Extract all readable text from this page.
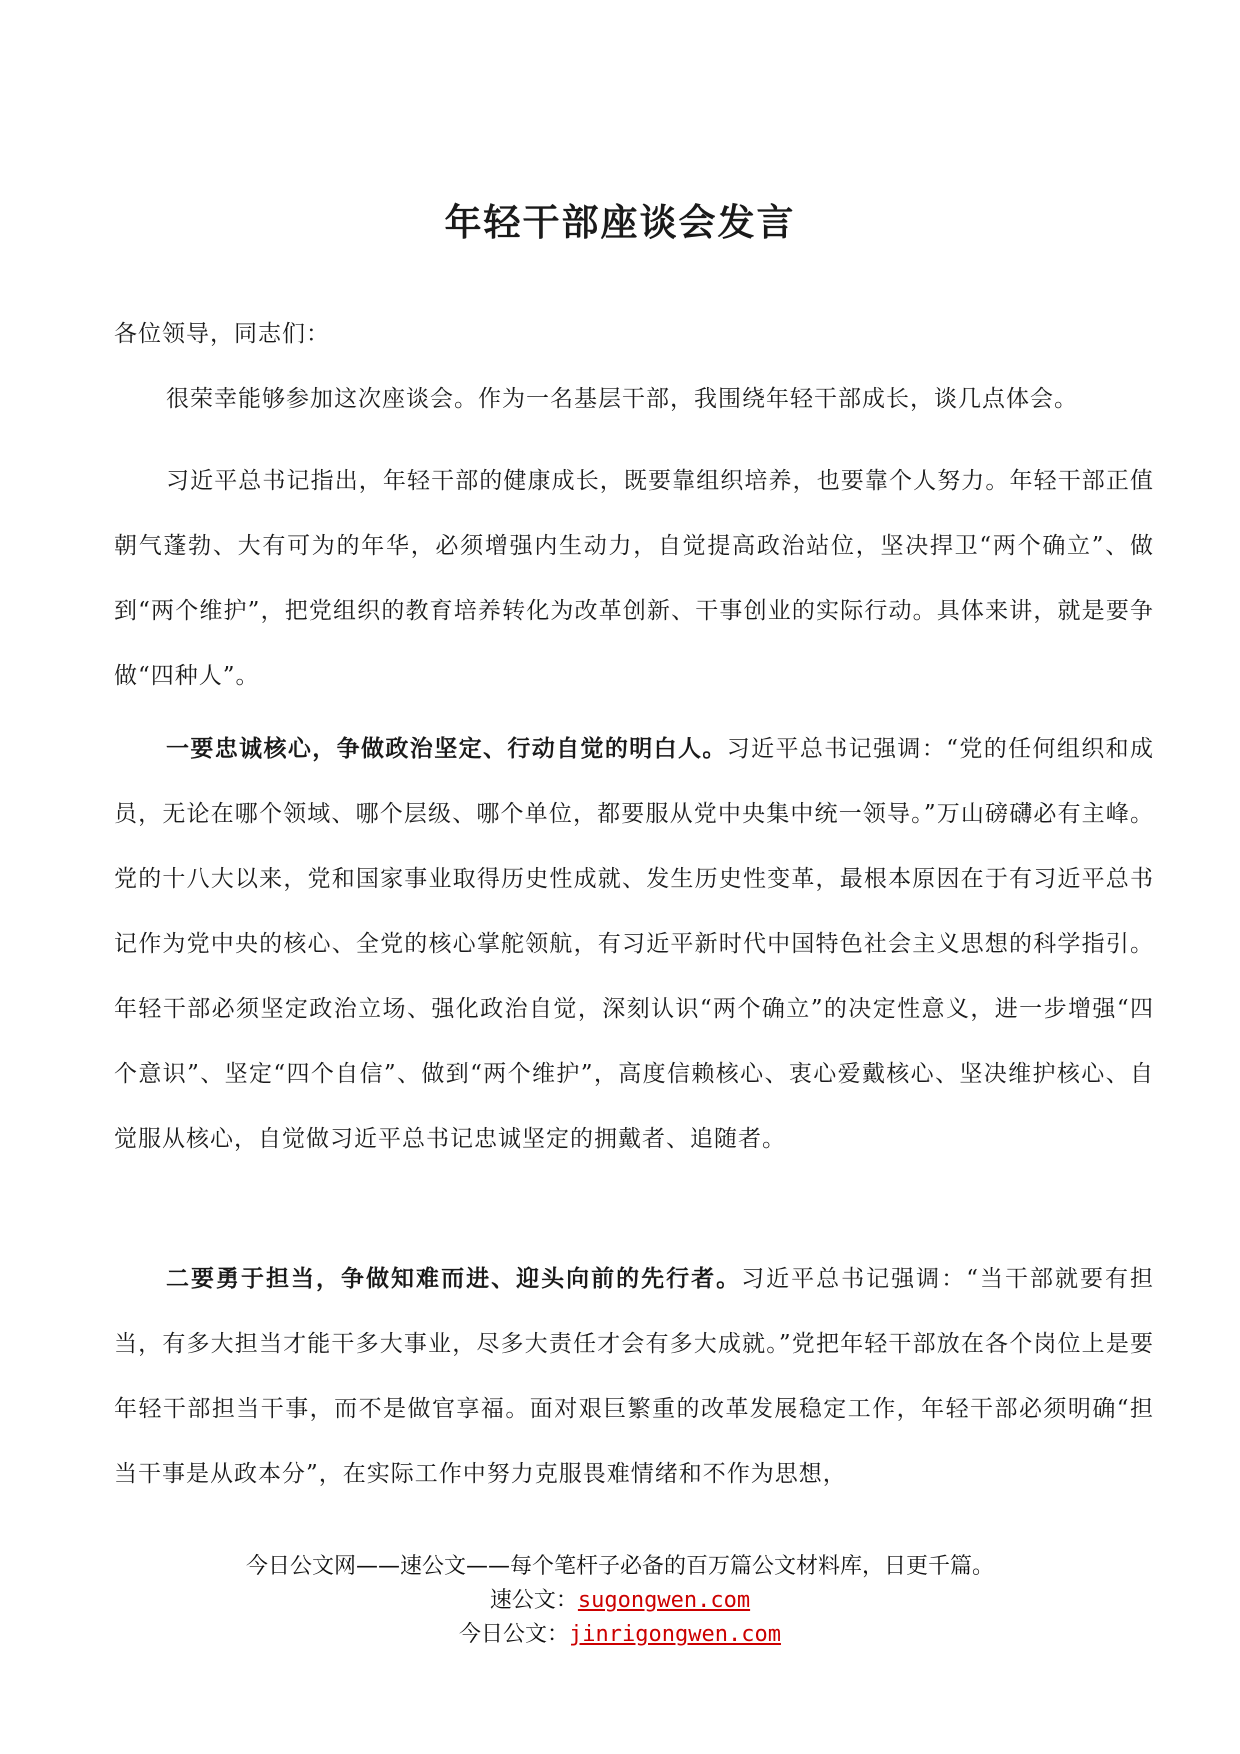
年轻干部座谈会发言

各位领导，同志们：

很荣幸能够参加这次座谈会。作为一名基层干部，我围绕年轻干部成长，谈几点体会。

习近平总书记指出，年轻干部的健康成长，既要靠组织培养，也要靠个人努力。年轻干部正值朝气蓬勃、大有可为的年华，必须增强内生动力，自觉提高政治站位，坚决捍卫“两个确立”、做到“两个维护”，把党组织的教育培养转化为改革创新、干事创业的实际行动。具体来讲，就是要争做“四种人”。

一要忠诚核心，争做政治坚定、行动自觉的明白人。习近平总书记强调：“党的任何组织和成员，无论在哪个领域、哪个层级、哪个单位，都要服从党中央集中统一领导。”万山磅礴必有主峰。党的十八大以来，党和国家事业取得历史性成就、发生历史性变革，最根本原因在于有习近平总书记作为党中央的核心、全党的核心掌舵领航，有习近平新时代中国特色社会主义思想的科学指引。年轻干部必须坚定政治立场、强化政治自觉，深刻认识“两个确立”的决定性意义，进一步增强“四个意识”、坚定“四个自信”、做到“两个维护”，高度信赖核心、衷心爱戴核心、坚决维护核心、自觉服从核心，自觉做习近平总书记忠诚坚定的拥戴者、追随者。

二要勇于担当，争做知难而进、迎头向前的先行者。习近平总书记强调：“当干部就要有担当，有多大担当才能干多大事业，尽多大责任才会有多大成就。”党把年轻干部放在各个岗位上是要年轻干部担当干事，而不是做官享福。面对艰巨繁重的改革发展稳定工作，年轻干部必须明确“担当干事是从政本分”，在实际工作中努力克服畏难情绪和不作为思想，

今日公文网——速公文——每个笔杆子必备的百万篇公文材料库，日更千篇。
速公文：sugongwen.com
今日公文：jinrigongwen.com
